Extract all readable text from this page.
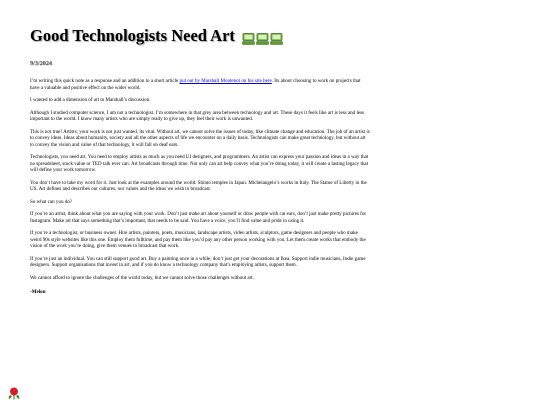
Good Technologists Need Art
9/3/2024

I’m writing this quick note as a response and an addition to a short article put out by Marshall Moutenot on his site here. Its about choosing to work on projects that have a valuable and positive effect on the wider world.

I wanted to add a dimension of art to Marshall’s discussion.

Although I studied computer science, I am not a technologist. I’m somewhere in that grey area between technology and art. These days it feels like art is less and less important to the world. I know many artists who are simply ready to give up, they feel their work is unwanted.

This is not true! Artists; your work is not just wanted, its vital. Without art, we cannot solve the issues of today, like climate change and education. The job of an artist is to convey ideas. Ideas about humanity, society and all the other aspects of life we encounter on a daily basis. Technologists can make great technology, but without art to convey the vision and value of that technology, it will fall on deaf ears.

Technologists, you need art. You need to employ artists as much as you need UI designers, and programmers. An artist can express your passion and ideas in a way that no spreadsheet, stock value or TED talk ever can. Art broadcasts through time. Not only can art help convey what you’re doing today, it will create a lasting legacy that will define your work tomorrow.

You don’t have to take my word for it. Just look at the examples around the world. Shinto temples in Japan. Michelangelo’s works in Italy. The Statue of Liberty in the US. Art defines and describes our cultures, our values and the ideas we wish to broadcast.

So what can you do?

If you’re an artist, think about what you are saying with your work. Don’t just make art about yourself or draw people with cat ears, don’t just make pretty pictures for Instagram. Make art that says something that’s important, that needs to be said. You have a voice, you’ll find value and pride in using it.

If you’re a technologist, or business owner. Hire artists, painters, poets, musicians, landscape artists, video artists, sculptors, game designers and people who make weird 90s style websites like this one. Employ them fulltime, and pay them like you’d pay any other person working with you. Let them create works that embody the vision of the work you’re doing, give them venues to broadcast that work.

If you’re just an individual. You can still support good art. Buy a painting once in a while, don’t just get your decorations at Ikea. Support indie musicians, Indie game designers. Support organisations that invest in art, and if you do know a technology company that’s employing artists, support them.

We cannot afford to ignore the challenges of the world today, but we cannot solve those challenges without art.

-Melon
